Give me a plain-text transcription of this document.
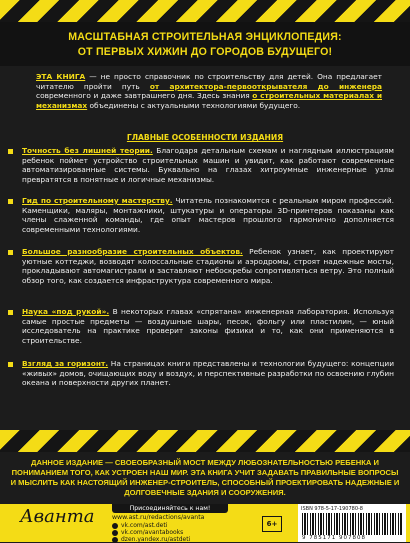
МАСШТАБНАЯ СТРОИТЕЛЬНАЯ ЭНЦИКЛОПЕДИЯ:
ОТ ПЕРВЫХ ХИЖИН ДО ГОРОДОВ БУДУЩЕГО!
ЭТА КНИГА — не просто справочник по строительству для детей. Она предлагает читателю пройти путь от архитектора-первооткрывателя до инженера современного и даже завтрашнего дня. Здесь знания о строительных материалах и механизмах объединены с актуальными технологиями будущего.
ГЛАВНЫЕ ОСОБЕННОСТИ ИЗДАНИЯ
Точность без лишней теории. Благодаря детальным схемам и наглядным иллюстрациям ребенок поймет устройство строительных машин и увидит, как работают современные автоматизированные системы. Буквально на глазах хитроумные инженерные узлы превратятся в понятные и логичные механизмы.
Гид по строительному мастерству. Читатель познакомится с реальным миром профессий. Каменщики, маляры, монтажники, штукатуры и операторы 3D-принтеров показаны как члены слаженной команды, где опыт мастеров прошлого гармонично дополняется современными технологиями.
Большое разнообразие строительных объектов. Ребенок узнает, как проектируют уютные коттеджи, возводят колоссальные стадионы и аэродромы, строят надежные мосты, прокладывают автомагистрали и заставляют небоскребы сопротивляться ветру. Это полный обзор того, как создается инфраструктура современного мира.
Наука «под рукой». В некоторых главах «спрятана» инженерная лаборатория. Используя самые простые предметы — воздушные шары, песок, фольгу или пластилин, — юный исследователь на практике проверит законы физики и то, как они применяются в строительстве.
Взгляд за горизонт. На страницах книги представлены и технологии будущего: концепции «живых» домов, очищающих воду и воздух, и перспективные разработки по освоению глубин океана и поверхности других планет.

ДАННОЕ ИЗДАНИЕ — СВОЕОБРАЗНЫЙ МОСТ МЕЖДУ ЛЮБОЗНАТЕЛЬНОСТЬЮ РЕБЕНКА И ПОНИМАНИЕМ ТОГО, КАК УСТРОЕН НАШ МИР. ЭТА КНИГА УЧИТ ЗАДАВАТЬ ПРАВИЛЬНЫЕ ВОПРОСЫ И МЫСЛИТЬ КАК НАСТОЯЩИЙ ИНЖЕНЕР-СТРОИТЕЛЬ, СПОСОБНЫЙ ПРОЕКТИРОВАТЬ НАДЕЖНЫЕ И ДОЛГОВЕЧНЫЕ ЗДАНИЯ И СООРУЖЕНИЯ.

Присоединяйтесь к нам!
www.ast.ru/redactions/avanta
vk.com/ast.deti
vk.com/avantabooks
dzen.yandex.ru/astdeti
Аванта	6+
ISBN 978-5-17-190780-8
9 785171 907808
